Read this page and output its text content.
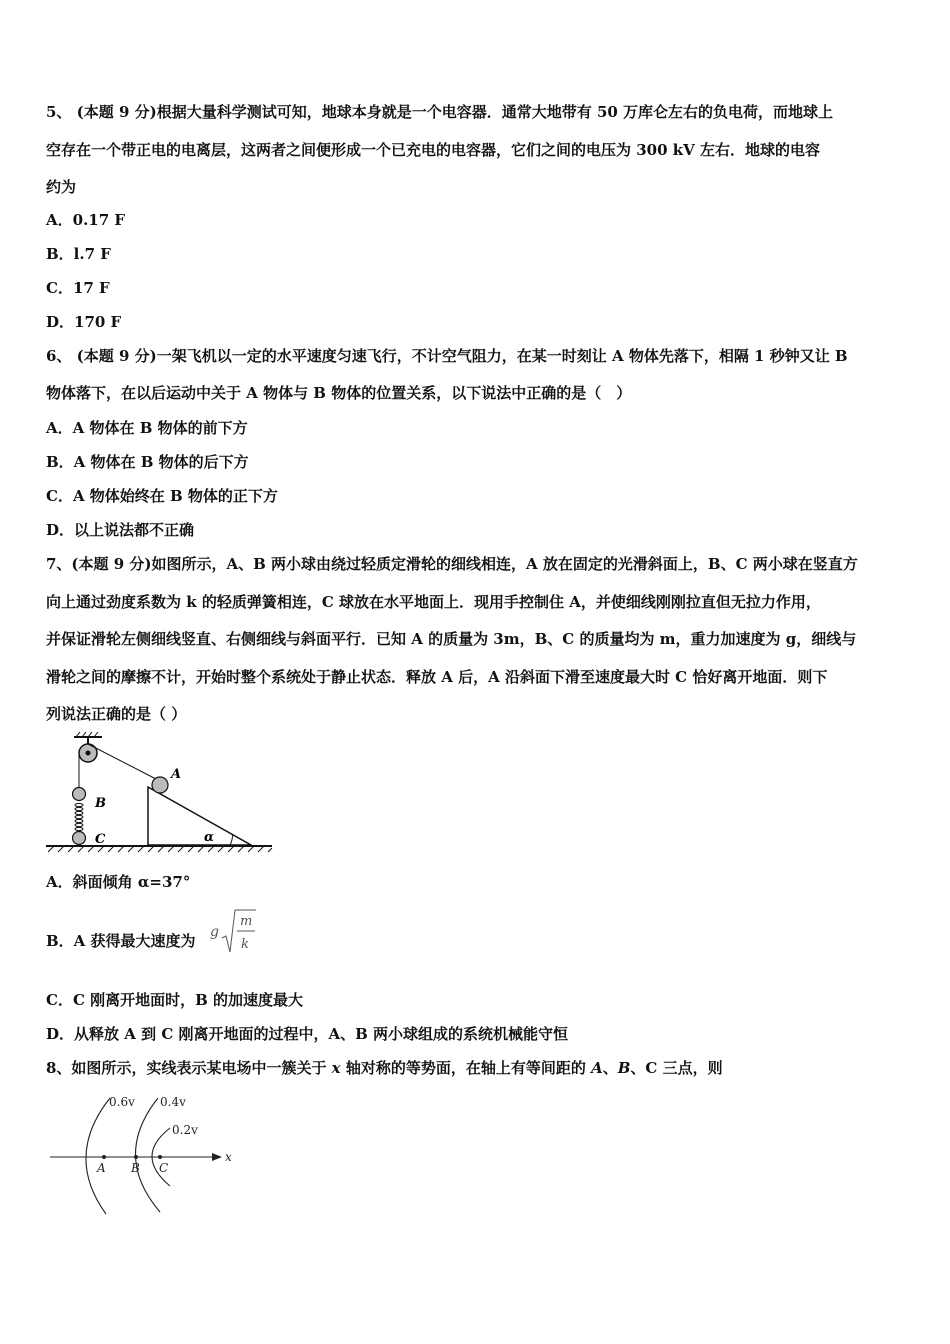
5、 (本题 9 分)根据大量科学测试可知，地球本身就是一个电容器．通常大地带有 50 万库仑左右的负电荷，而地球上
空存在一个带正电的电离层，这两者之间便形成一个已充电的电容器，它们之间的电压为 300 kV 左右．地球的电容
约为
A．0.17 F
B．l.7 F
C．17 F
D．170 F
6、 (本题 9 分)一架飞机以一定的水平速度匀速飞行，不计空气阻力，在某一时刻让 A 物体先落下，相隔 1 秒钟又让 B
物体落下，在以后运动中关于 A 物体与 B 物体的位置关系，以下说法中正确的是（　）
A．A 物体在 B 物体的前下方
B．A 物体在 B 物体的后下方
C．A 物体始终在 B 物体的正下方
D．以上说法都不正确
7、(本题 9 分)如图所示，A、B 两小球由绕过轻质定滑轮的细线相连，A 放在固定的光滑斜面上，B、C 两小球在竖直方
向上通过劲度系数为 k 的轻质弹簧相连，C 球放在水平地面上．现用手控制住 A，并使细线刚刚拉直但无拉力作用，
并保证滑轮左侧细线竖直、右侧细线与斜面平行．已知 A 的质量为 3m，B、C 的质量均为 m，重力加速度为 g，细线与
滑轮之间的摩擦不计，开始时整个系统处于静止状态．释放 A 后，A 沿斜面下滑至速度最大时 C 恰好离开地面．则下
列说法正确的是（ ）
A
B
C	α
A．斜面倾角 α=37°
B．A 获得最大速度为 g
m
k
C．C 刚离开地面时，B 的加速度最大
D．从释放 A 到 C 刚离开地面的过程中，A、B 两小球组成的系统机械能守恒
8、如图所示，实线表示某电场中一簇关于 x 轴对称的等势面，在轴上有等间距的 A、B、C 三点，则
0.6v 0.4v
0.2v
A B C
x
